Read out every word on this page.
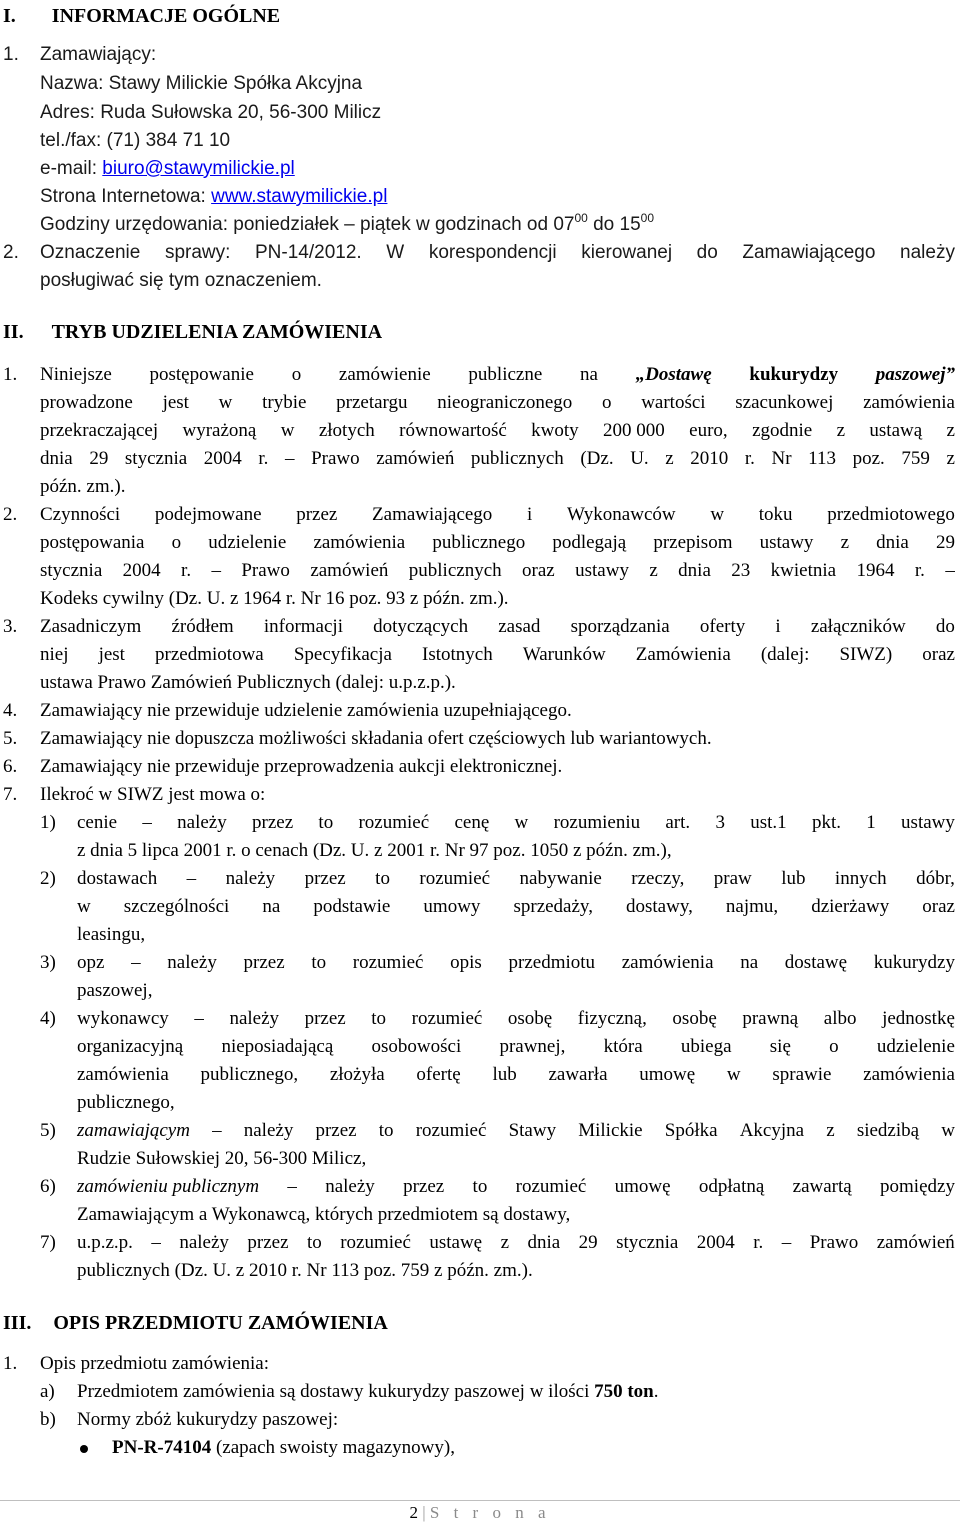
I. INFORMACJE OGÓLNE
1. Zamawiający:
Nazwa: Stawy Milickie Spółka Akcyjna
Adres: Ruda Sułowska 20, 56-300 Milicz
tel./fax: (71) 384 71 10
e-mail: biuro@stawymilickie.pl
Strona Internetowa: www.stawymilickie.pl
Godziny urzędowania: poniedziałek – piątek w godzinach od $07^{00}$ do $15^{00}$
2. Oznaczenie sprawy: PN-14/2012. W korespondencji kierowanej do Zamawiającego należy
posługiwać się tym oznaczeniem.
II. TRYB UDZIELENIA ZAMÓWIENIA
1. Niniejsze postępowanie o zamówienie publiczne na „Dostawę kukurydzy paszowej”
prowadzone jest w trybie przetargu nieograniczonego o wartości szacunkowej zamówienia
przekraczającej wyrażoną w złotych równowartość kwoty 200 000 euro, zgodnie z ustawą z
dnia 29 stycznia 2004 r. – Prawo zamówień publicznych (Dz. U. z 2010 r. Nr 113 poz. 759 z
późn. zm.).
2. Czynności podejmowane przez Zamawiającego i Wykonawców w toku przedmiotowego
postępowania o udzielenie zamówienia publicznego podlegają przepisom ustawy z dnia 29
stycznia 2004 r. – Prawo zamówień publicznych oraz ustawy z dnia 23 kwietnia 1964 r. –
Kodeks cywilny (Dz. U. z 1964 r. Nr 16 poz. 93 z późn. zm.).
3. Zasadniczym źródłem informacji dotyczących zasad sporządzania oferty i załączników do
niej jest przedmiotowa Specyfikacja Istotnych Warunków Zamówienia (dalej: SIWZ) oraz
ustawa Prawo Zamówień Publicznych (dalej: u.p.z.p.).
4. Zamawiający nie przewiduje udzielenie zamówienia uzupełniającego.
5. Zamawiający nie dopuszcza możliwości składania ofert częściowych lub wariantowych.
6. Zamawiający nie przewiduje przeprowadzenia aukcji elektronicznej.
7. Ilekroć w SIWZ jest mowa o:
1) cenie – należy przez to rozumieć cenę w rozumieniu art. 3 ust.1 pkt. 1 ustawy
z dnia 5 lipca 2001 r. o cenach (Dz. U. z 2001 r. Nr 97 poz. 1050 z późn. zm.),
2) dostawach – należy przez to rozumieć nabywanie rzeczy, praw lub innych dóbr,
w szczególności na podstawie umowy sprzedaży, dostawy, najmu, dzierżawy oraz
leasingu,
3) opz – należy przez to rozumieć opis przedmiotu zamówienia na dostawę kukurydzy
paszowej,
4) wykonawcy – należy przez to rozumieć osobę fizyczną, osobę prawną albo jednostkę
organizacyjną nieposiadającą osobowości prawnej, która ubiega się o udzielenie
zamówienia publicznego, złożyła ofertę lub zawarła umowę w sprawie zamówienia
publicznego,
5) zamawiającym – należy przez to rozumieć Stawy Milickie Spółka Akcyjna z siedzibą w
Rudzie Sułowskiej 20, 56-300 Milicz,
6) zamówieniu publicznym – należy przez to rozumieć umowę odpłatną zawartą pomiędzy
Zamawiającym a Wykonawcą, których przedmiotem są dostawy,
7) u.p.z.p. – należy przez to rozumieć ustawę z dnia 29 stycznia 2004 r. – Prawo zamówień
publicznych (Dz. U. z 2010 r. Nr 113 poz. 759 z późn. zm.).
III. OPIS PRZEDMIOTU ZAMÓWIENIA
1. Opis przedmiotu zamówienia:
a) Przedmiotem zamówienia są dostawy kukurydzy paszowej w ilości 750 ton.
b) Normy zbóż kukurydzy paszowej:
PN-R-74104 (zapach swoisty magazynowy),
2 | S t r o n a
